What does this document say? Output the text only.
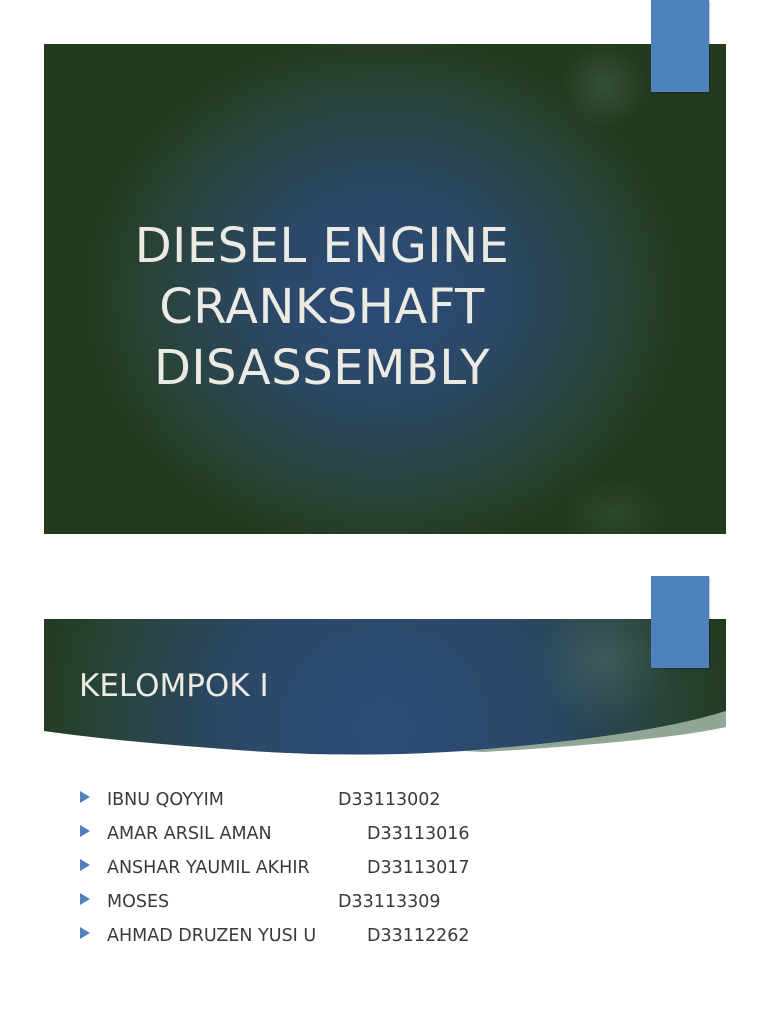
DIESEL ENGINE
CRANKSHAFT
DISASSEMBLY
KELOMPOK I
IBNU QOYYIM	D33113002
AMAR ARSIL AMAN	D33113016
ANSHAR YAUMIL AKHIR	D33113017
MOSES	D33113309
AHMAD DRUZEN YUSI U	D33112262
